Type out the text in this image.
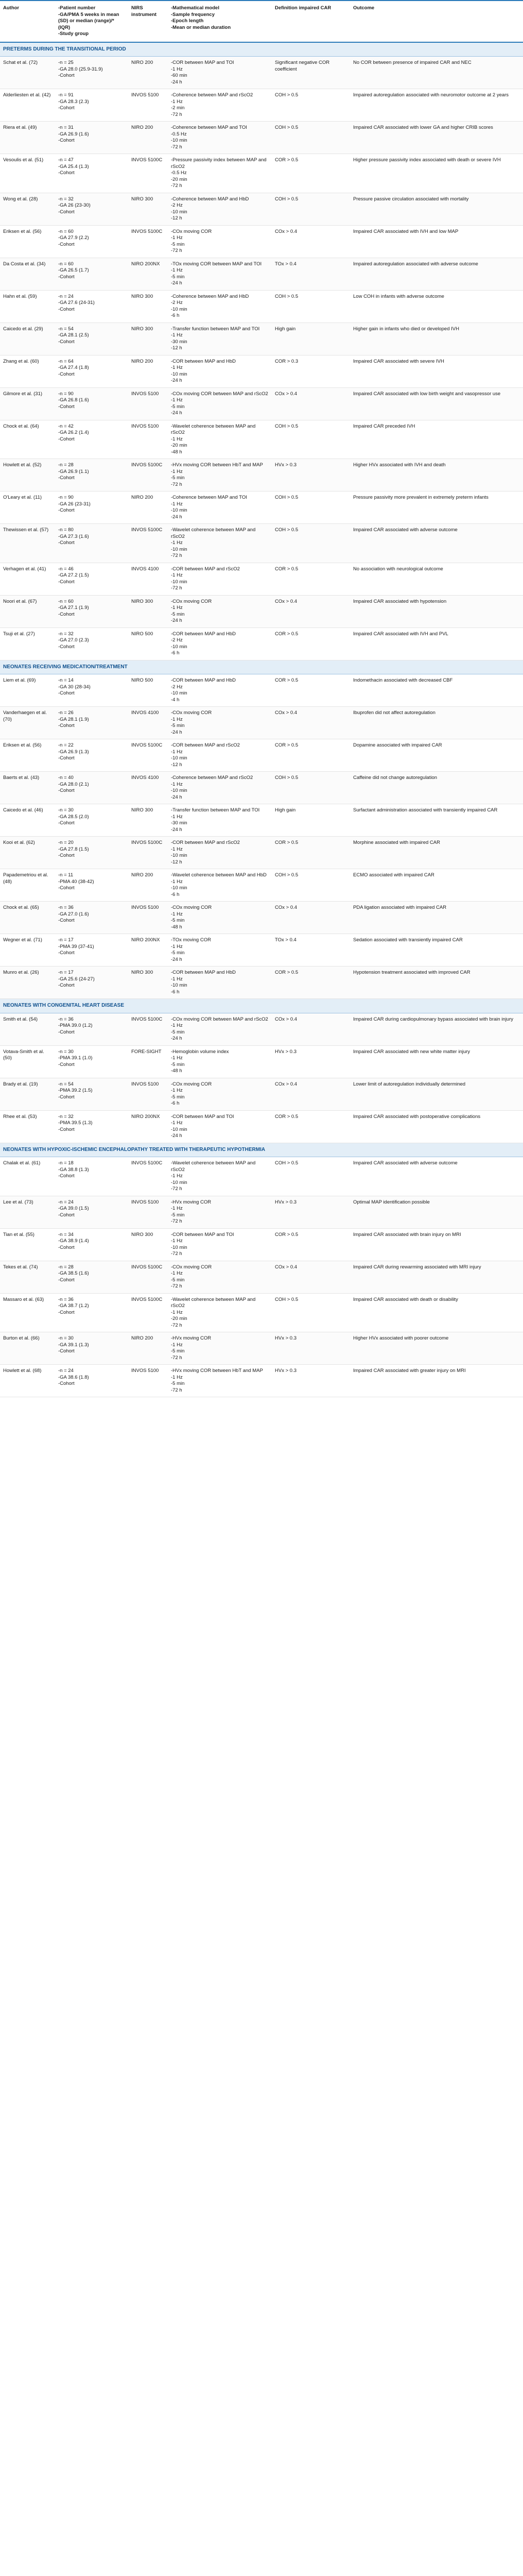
Author	-Patient number
-GA/PMA 5 weeks in mean (SD) or median (range)/*(IQR)
-Study group	NIRS instrument	-Mathematical model
-Sample frequency
-Epoch length
-Mean or median duration	Definition impaired CAR	Outcome
PRETERMS DURING THE TRANSITIONAL PERIOD					
Schat et al. (72)	-n = 25
-GA 28.0 (25.9-31.9)
-Cohort	NIRO 200	-COR between MAP and TOI
-1 Hz
-60 min
-24 h	Significant negative COR coefficient	No COR between presence of impaired CAR and NEC
Alderliesten et al. (42)	-n = 91
-GA 28.3 (2.3)
-Cohort	INVOS 5100	-Coherence between MAP and rScO2
-1 Hz
-2 min
-72 h	COH > 0.5	Impaired autoregulation associated with neuromotor outcome at 2 years
Riera et al. (49)	-n = 31
-GA 26.9 (1.6)
-Cohort	NIRO 200	-Coherence between MAP and TOI
-0.5 Hz
-10 min
-72 h	COH > 0.5	Impaired CAR associated with lower GA and higher CRIB scores
Vesoulis et al. (51)	-n = 47
-GA 25.4 (1.3)
-Cohort	INVOS 5100C	-Pressure passivity index between MAP and rScO2
-0.5 Hz
-20 min
-72 h	COR > 0.5	Higher pressure passivity index associated with death or severe IVH
Wong et al. (28)	-n = 32
-GA 26 (23-30)
-Cohort	NIRO 300	-Coherence between MAP and HbD
-2 Hz
-10 min
-12 h	COH > 0.5	Pressure passive circulation associated with mortality
Eriksen et al. (56)	-n = 60
-GA 27.9 (2.2)
-Cohort	INVOS 5100C	-COx moving COR
-1 Hz
-5 min
-72 h	COx > 0.4	Impaired CAR associated with IVH and low MAP
Da Costa et al. (34)	-n = 60
-GA 26.5 (1.7)
-Cohort	NIRO 200NX	-TOx moving COR between MAP and TOI
-1 Hz
-5 min
-24 h	TOx > 0.4	Impaired autoregulation associated with adverse outcome
Hahn et al. (59)	-n = 24
-GA 27.6 (24-31)
-Cohort	NIRO 300	-Coherence between MAP and HbD
-2 Hz
-10 min
-6 h	COH > 0.5	Low COH in infants with adverse outcome
Caicedo et al. (29)	-n = 54
-GA 28.1 (2.5)
-Cohort	NIRO 300	-Transfer function between MAP and TOI
-1 Hz
-30 min
-12 h	High gain	Higher gain in infants who died or developed IVH
Zhang et al. (60)	-n = 64
-GA 27.4 (1.8)
-Cohort	NIRO 200	-COR between MAP and HbD
-1 Hz
-10 min
-24 h	COR > 0.3	Impaired CAR associated with severe IVH
Gilmore et al. (31)	-n = 90
-GA 26.8 (1.6)
-Cohort	INVOS 5100	-COx moving COR between MAP and rScO2
-1 Hz
-5 min
-24 h	COx > 0.4	Impaired CAR associated with low birth weight and vasopressor use
Chock et al. (64)	-n = 42
-GA 26.2 (1.4)
-Cohort	INVOS 5100	-Wavelet coherence between MAP and rScO2
-1 Hz
-20 min
-48 h	COH > 0.5	Impaired CAR preceded IVH
Howlett et al. (52)	-n = 28
-GA 26.9 (1.1)
-Cohort	INVOS 5100C	-HVx moving COR between HbT and MAP
-1 Hz
-5 min
-72 h	HVx > 0.3	Higher HVx associated with IVH and death
O'Leary et al. (11)	-n = 90
-GA 26 (23-31)
-Cohort	NIRO 200	-Coherence between MAP and TOI
-1 Hz
-10 min
-24 h	COH > 0.5	Pressure passivity more prevalent in extremely preterm infants
Thewissen et al. (57)	-n = 80
-GA 27.3 (1.6)
-Cohort	INVOS 5100C	-Wavelet coherence between MAP and rScO2
-1 Hz
-10 min
-72 h	COH > 0.5	Impaired CAR associated with adverse outcome
Verhagen et al. (41)	-n = 46
-GA 27.2 (1.5)
-Cohort	INVOS 4100	-COR between MAP and rScO2
-1 Hz
-10 min
-72 h	COR > 0.5	No association with neurological outcome
Noori et al. (67)	-n = 60
-GA 27.1 (1.9)
-Cohort	NIRO 300	-COx moving COR
-1 Hz
-5 min
-24 h	COx > 0.4	Impaired CAR associated with hypotension
Tsuji et al. (27)	-n = 32
-GA 27.0 (2.3)
-Cohort	NIRO 500	-COR between MAP and HbD
-2 Hz
-10 min
-6 h	COR > 0.5	Impaired CAR associated with IVH and PVL
NEONATES RECEIVING MEDICATION/TREATMENT					
Liem et al. (69)	-n = 14
-GA 30 (28-34)
-Cohort	NIRO 500	-COR between MAP and HbD
-2 Hz
-10 min
-4 h	COR > 0.5	Indomethacin associated with decreased CBF
Vanderhaegen et al. (70)	-n = 26
-GA 28.1 (1.9)
-Cohort	INVOS 4100	-COx moving COR
-1 Hz
-5 min
-24 h	COx > 0.4	Ibuprofen did not affect autoregulation
Eriksen et al. (56)	-n = 22
-GA 26.9 (1.3)
-Cohort	INVOS 5100C	-COR between MAP and rScO2
-1 Hz
-10 min
-12 h	COR > 0.5	Dopamine associated with impaired CAR
Baerts et al. (43)	-n = 40
-GA 28.0 (2.1)
-Cohort	INVOS 4100	-Coherence between MAP and rScO2
-1 Hz
-10 min
-24 h	COH > 0.5	Caffeine did not change autoregulation
Caicedo et al. (46)	-n = 30
-GA 28.5 (2.0)
-Cohort	NIRO 300	-Transfer function between MAP and TOI
-1 Hz
-30 min
-24 h	High gain	Surfactant administration associated with transiently impaired CAR
Kooi et al. (62)	-n = 20
-GA 27.8 (1.5)
-Cohort	INVOS 5100C	-COR between MAP and rScO2
-1 Hz
-10 min
-12 h	COR > 0.5	Morphine associated with impaired CAR
Papademetriou et al. (48)	-n = 11
-PMA 40 (38-42)
-Cohort	NIRO 200	-Wavelet coherence between MAP and HbD
-1 Hz
-10 min
-6 h	COH > 0.5	ECMO associated with impaired CAR
Chock et al. (65)	-n = 36
-GA 27.0 (1.6)
-Cohort	INVOS 5100	-COx moving COR
-1 Hz
-5 min
-48 h	COx > 0.4	PDA ligation associated with impaired CAR
Wegner et al. (71)	-n = 17
-PMA 39 (37-41)
-Cohort	NIRO 200NX	-TOx moving COR
-1 Hz
-5 min
-24 h	TOx > 0.4	Sedation associated with transiently impaired CAR
Munro et al. (26)	-n = 17
-GA 25.6 (24-27)
-Cohort	NIRO 300	-COR between MAP and HbD
-1 Hz
-10 min
-6 h	COR > 0.5	Hypotension treatment associated with improved CAR
NEONATES WITH CONGENITAL HEART DISEASE					
Smith et al. (54)	-n = 36
-PMA 39.0 (1.2)
-Cohort	INVOS 5100C	-COx moving COR between MAP and rScO2
-1 Hz
-5 min
-24 h	COx > 0.4	Impaired CAR during cardiopulmonary bypass associated with brain injury
Votava-Smith et al. (50)	-n = 30
-PMA 39.1 (1.0)
-Cohort	FORE-SIGHT	-Hemoglobin volume index
-1 Hz
-5 min
-48 h	HVx > 0.3	Impaired CAR associated with new white matter injury
Brady et al. (19)	-n = 54
-PMA 39.2 (1.5)
-Cohort	INVOS 5100	-COx moving COR
-1 Hz
-5 min
-6 h	COx > 0.4	Lower limit of autoregulation individually determined
Rhee et al. (53)	-n = 32
-PMA 39.5 (1.3)
-Cohort	NIRO 200NX	-COR between MAP and TOI
-1 Hz
-10 min
-24 h	COR > 0.5	Impaired CAR associated with postoperative complications
NEONATES WITH HYPOXIC-ISCHEMIC ENCEPHALOPATHY TREATED WITH THERAPEUTIC HYPOTHERMIA					
Chalak et al. (61)	-n = 18
-GA 38.8 (1.3)
-Cohort	INVOS 5100C	-Wavelet coherence between MAP and rScO2
-1 Hz
-10 min
-72 h	COH > 0.5	Impaired CAR associated with adverse outcome
Lee et al. (73)	-n = 24
-GA 39.0 (1.5)
-Cohort	INVOS 5100	-HVx moving COR
-1 Hz
-5 min
-72 h	HVx > 0.3	Optimal MAP identification possible
Tian et al. (55)	-n = 34
-GA 38.9 (1.4)
-Cohort	NIRO 300	-COR between MAP and TOI
-1 Hz
-10 min
-72 h	COR > 0.5	Impaired CAR associated with brain injury on MRI
Tekes et al. (74)	-n = 28
-GA 38.5 (1.6)
-Cohort	INVOS 5100C	-COx moving COR
-1 Hz
-5 min
-72 h	COx > 0.4	Impaired CAR during rewarming associated with MRI injury
Massaro et al. (63)	-n = 36
-GA 38.7 (1.2)
-Cohort	INVOS 5100C	-Wavelet coherence between MAP and rScO2
-1 Hz
-20 min
-72 h	COH > 0.5	Impaired CAR associated with death or disability
Burton et al. (66)	-n = 30
-GA 39.1 (1.3)
-Cohort	NIRO 200	-HVx moving COR
-1 Hz
-5 min
-72 h	HVx > 0.3	Higher HVx associated with poorer outcome
Howlett et al. (68)	-n = 24
-GA 38.6 (1.8)
-Cohort	INVOS 5100	-HVx moving COR between HbT and MAP
-1 Hz
-5 min
-72 h	HVx > 0.3	Impaired CAR associated with greater injury on MRI
